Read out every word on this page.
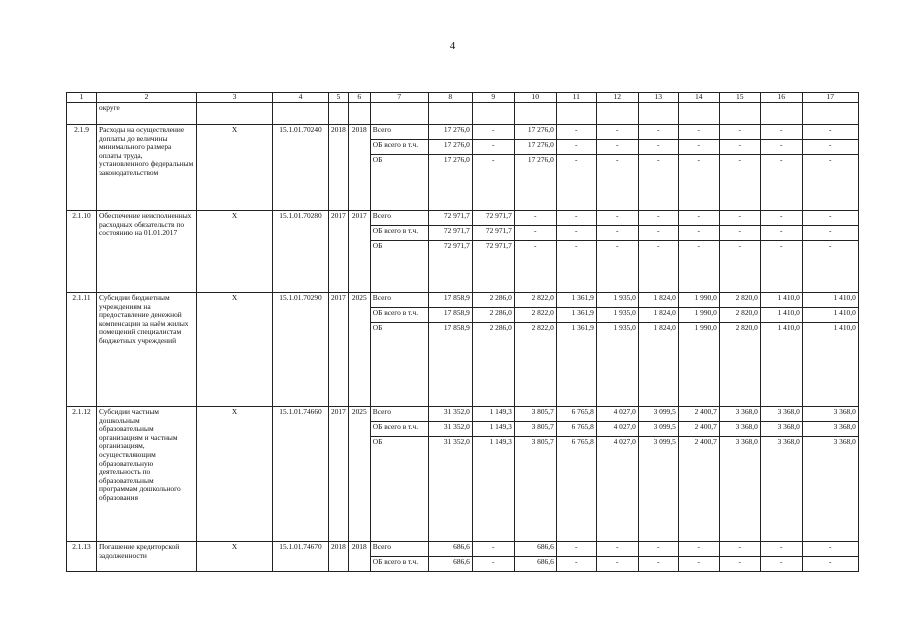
4
1	2	3	4	5	6	7	8	9	10	11	12	13	14	15	16	17
	округе															
2.1.9	Расходы на осуществление доплаты до величины минимального размера оплаты труда, установленного федеральным законодательством	X	15.1.01.70240	2018	2018	Всего	17 276,0	-	17 276,0	-	-	-	-	-	-	-
						ОБ всего в т.ч.	17 276,0	-	17 276,0	-	-	-	-	-	-	-
						ОБ	17 276,0	-	17 276,0	-	-	-	-	-	-	-
2.1.10	Обеспечение неисполненных расходных обязательств по состоянию на 01.01.2017	X	15.1.01.70280	2017	2017	Всего	72 971,7	72 971,7	-	-	-	-	-	-	-	-
						ОБ всего в т.ч.	72 971,7	72 971,7	-	-	-	-	-	-	-	-
						ОБ	72 971,7	72 971,7	-	-	-	-	-	-	-	-
2.1.11	Субсидии бюджетным учреждениям на предоставление денежной компенсации за наём жилых помещений специалистам бюджетных учреждений	X	15.1.01.70290	2017	2025	Всего	17 858,9	2 286,0	2 822,0	1 361,9	1 935,0	1 824,0	1 990,0	2 820,0	1 410,0	1 410,0
						ОБ всего в т.ч.	17 858,9	2 286,0	2 822,0	1 361,9	1 935,0	1 824,0	1 990,0	2 820,0	1 410,0	1 410,0
						ОБ	17 858,9	2 286,0	2 822,0	1 361,9	1 935,0	1 824,0	1 990,0	2 820,0	1 410,0	1 410,0
2.1.12	Субсидии частным дошкольным образовательным организациям и частным организациям, осуществляющим образовательную деятельность по образовательным программам дошкольного образования	X	15.1.01.74660	2017	2025	Всего	31 352,0	1 149,3	3 805,7	6 765,8	4 027,0	3 099,5	2 400,7	3 368,0	3 368,0	3 368,0
						ОБ всего в т.ч.	31 352,0	1 149,3	3 805,7	6 765,8	4 027,0	3 099,5	2 400,7	3 368,0	3 368,0	3 368,0
						ОБ	31 352,0	1 149,3	3 805,7	6 765,8	4 027,0	3 099,5	2 400,7	3 368,0	3 368,0	3 368,0
2.1.13	Погашение кредиторской задолженности	X	15.1.01.74670	2018	2018	Всего	686,6	-	686,6	-	-	-	-	-	-	-
						ОБ всего в т.ч.	686,6	-	686,6	-	-	-	-	-	-	-
